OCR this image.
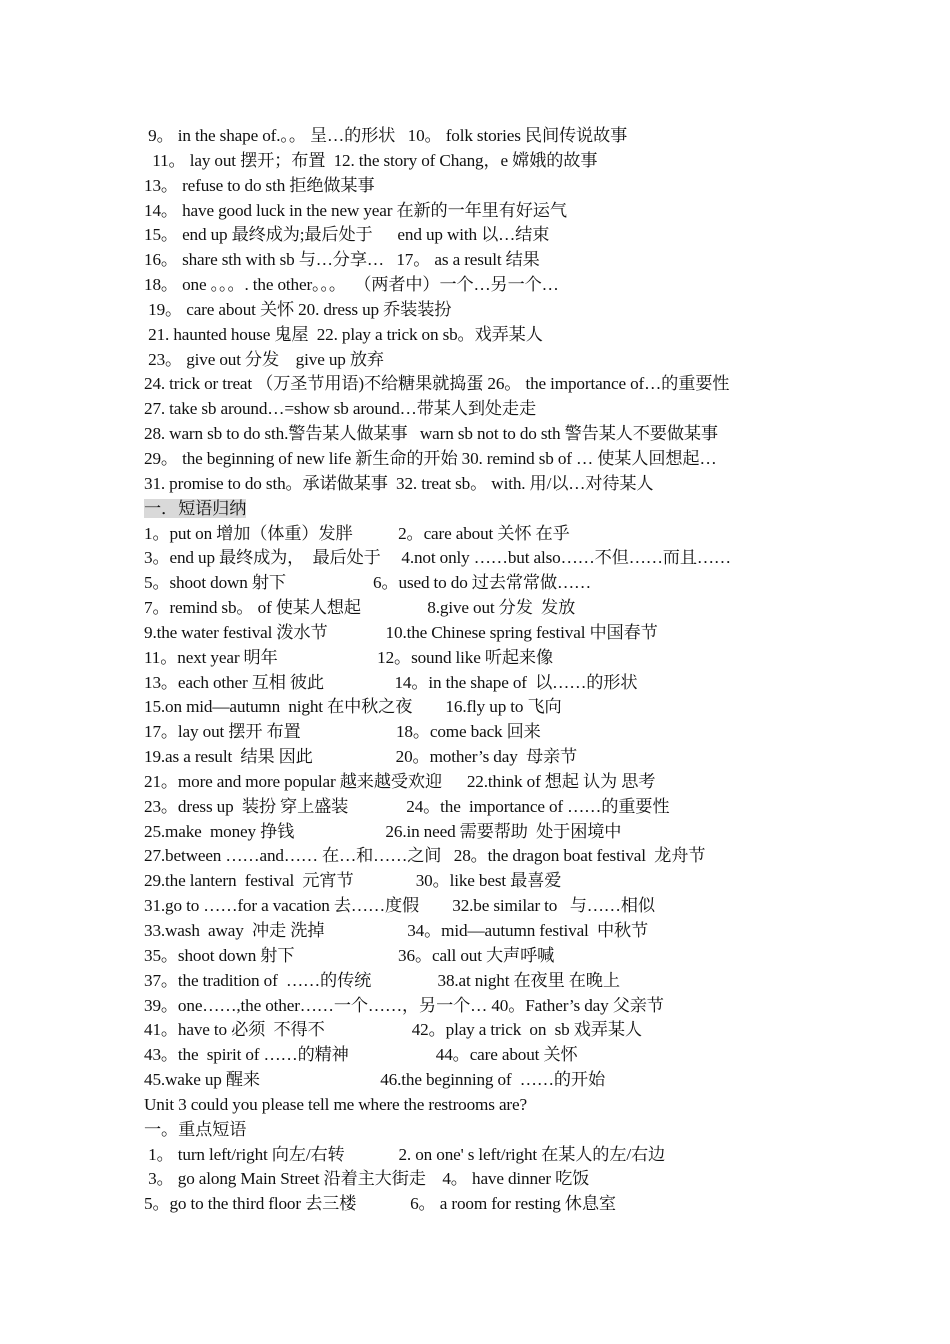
9。 in the shape of.。。 呈…的形状   10。 folk stories 民间传说故事
11。 lay out 摆开；布置  12. the story of Chang，e 嫦娥的故事
13。 refuse to do sth 拒绝做某事
14。 have good luck in the new year 在新的一年里有好运气
15。 end up 最终成为;最后处于      end up with 以…结束
16。 share sth with sb 与…分享…   17。 as a result 结果
18。 one 。。。. the other。。。  （两者中）一个…另一个…
19。 care about 关怀 20. dress up 乔装装扮
21. haunted house 鬼屋  22. play a trick on sb。戏弄某人
23。 give out 分发    give up 放弃
24. trick or treat （万圣节用语)不给糖果就捣蛋 26。 the importance of…的重要性
27. take sb around…=show sb around…带某人到处走走
28. warn sb to do sth.警告某人做某事   warn sb not to do sth 警告某人不要做某事
29。 the beginning of new life 新生命的开始 30. remind sb of … 使某人回想起…
31. promise to do sth。承诺做某事  32. treat sb。 with. 用/以…对待某人
一．短语归纳
1。put on 增加（体重）发胖           2。care about 关怀 在乎
3。end up 最终成为，  最后处于     4.not only ……but also……不但……而且……
5。shoot down 射下                     6。used to do 过去常常做……
7。remind sb。 of 使某人想起                8.give out 分发  发放
9.the water festival 泼水节              10.the Chinese spring festival 中国春节
11。next year 明年                        12。sound like 听起来像
13。each other 互相 彼此                 14。in the shape of  以……的形状
15.on mid—autumn  night 在中秋之夜        16.fly up to 飞向
17。lay out 摆开 布置                       18。come back 回来
19.as a result  结果 因此                    20。mother’s day  母亲节
21。more and more popular 越来越受欢迎      22.think of 想起 认为 思考
23。dress up  装扮 穿上盛装              24。the  importance of ……的重要性
25.make  money 挣钱                      26.in need 需要帮助  处于困境中
27.between ……and…… 在…和……之间   28。the dragon boat festival  龙舟节
29.the lantern  festival  元宵节               30。like best 最喜爱
31.go to ……for a vacation 去……度假        32.be similar to   与……相似
33.wash  away  冲走 洗掉                    34。mid—autumn festival  中秋节
35。shoot down 射下                         36。call out 大声呼喊
37。the tradition of  ……的传统                38.at night 在夜里 在晚上
39。one……,the other……一个……，另一个… 40。Father’s day 父亲节
41。have to 必须  不得不                     42。play a trick  on  sb 戏弄某人
43。the  spirit of ……的精神                     44。care about 关怀
45.wake up 醒来                             46.the beginning of  ……的开始
Unit 3 could you please tell me where the restrooms are?
一。重点短语
1。 turn left/right 向左/右转             2. on one' s left/right 在某人的左/右边
3。 go along Main Street 沿着主大街走    4。 have dinner 吃饭
5。go to the third floor 去三楼             6。 a room for resting 休息室
